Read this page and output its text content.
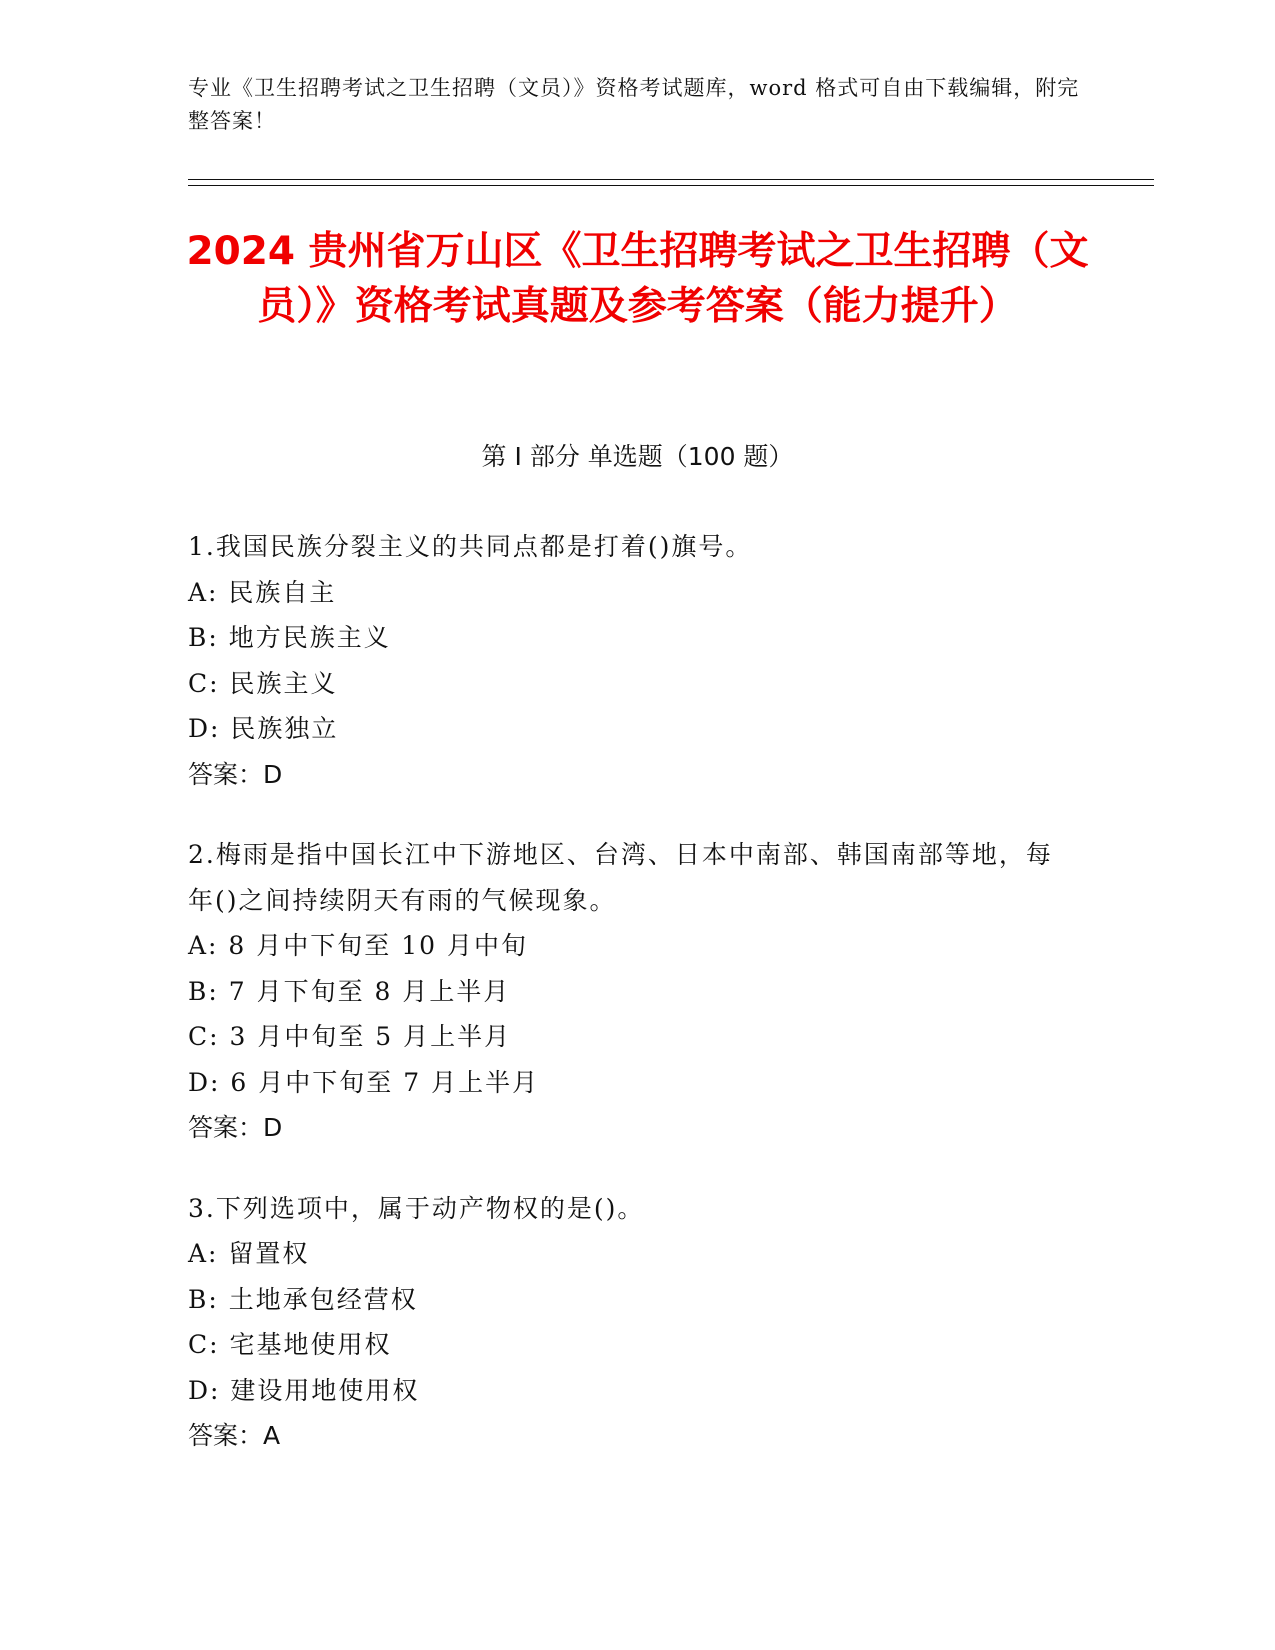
专业《卫生招聘考试之卫生招聘（文员）》资格考试题库，word 格式可自由下载编辑，附完整答案！
2024 贵州省万山区《卫生招聘考试之卫生招聘（文员）》资格考试真题及参考答案（能力提升）
第 I 部分 单选题（100 题）
1.我国民族分裂主义的共同点都是打着()旗号。
A: 民族自主
B: 地方民族主义
C: 民族主义
D: 民族独立
答案：D
2.梅雨是指中国长江中下游地区、台湾、日本中南部、韩国南部等地，每年()之间持续阴天有雨的气候现象。
A: 8 月中下旬至 10 月中旬
B: 7 月下旬至 8 月上半月
C: 3 月中旬至 5 月上半月
D: 6 月中下旬至 7 月上半月
答案：D
3.下列选项中，属于动产物权的是()。
A: 留置权
B: 土地承包经营权
C: 宅基地使用权
D: 建设用地使用权
答案：A
